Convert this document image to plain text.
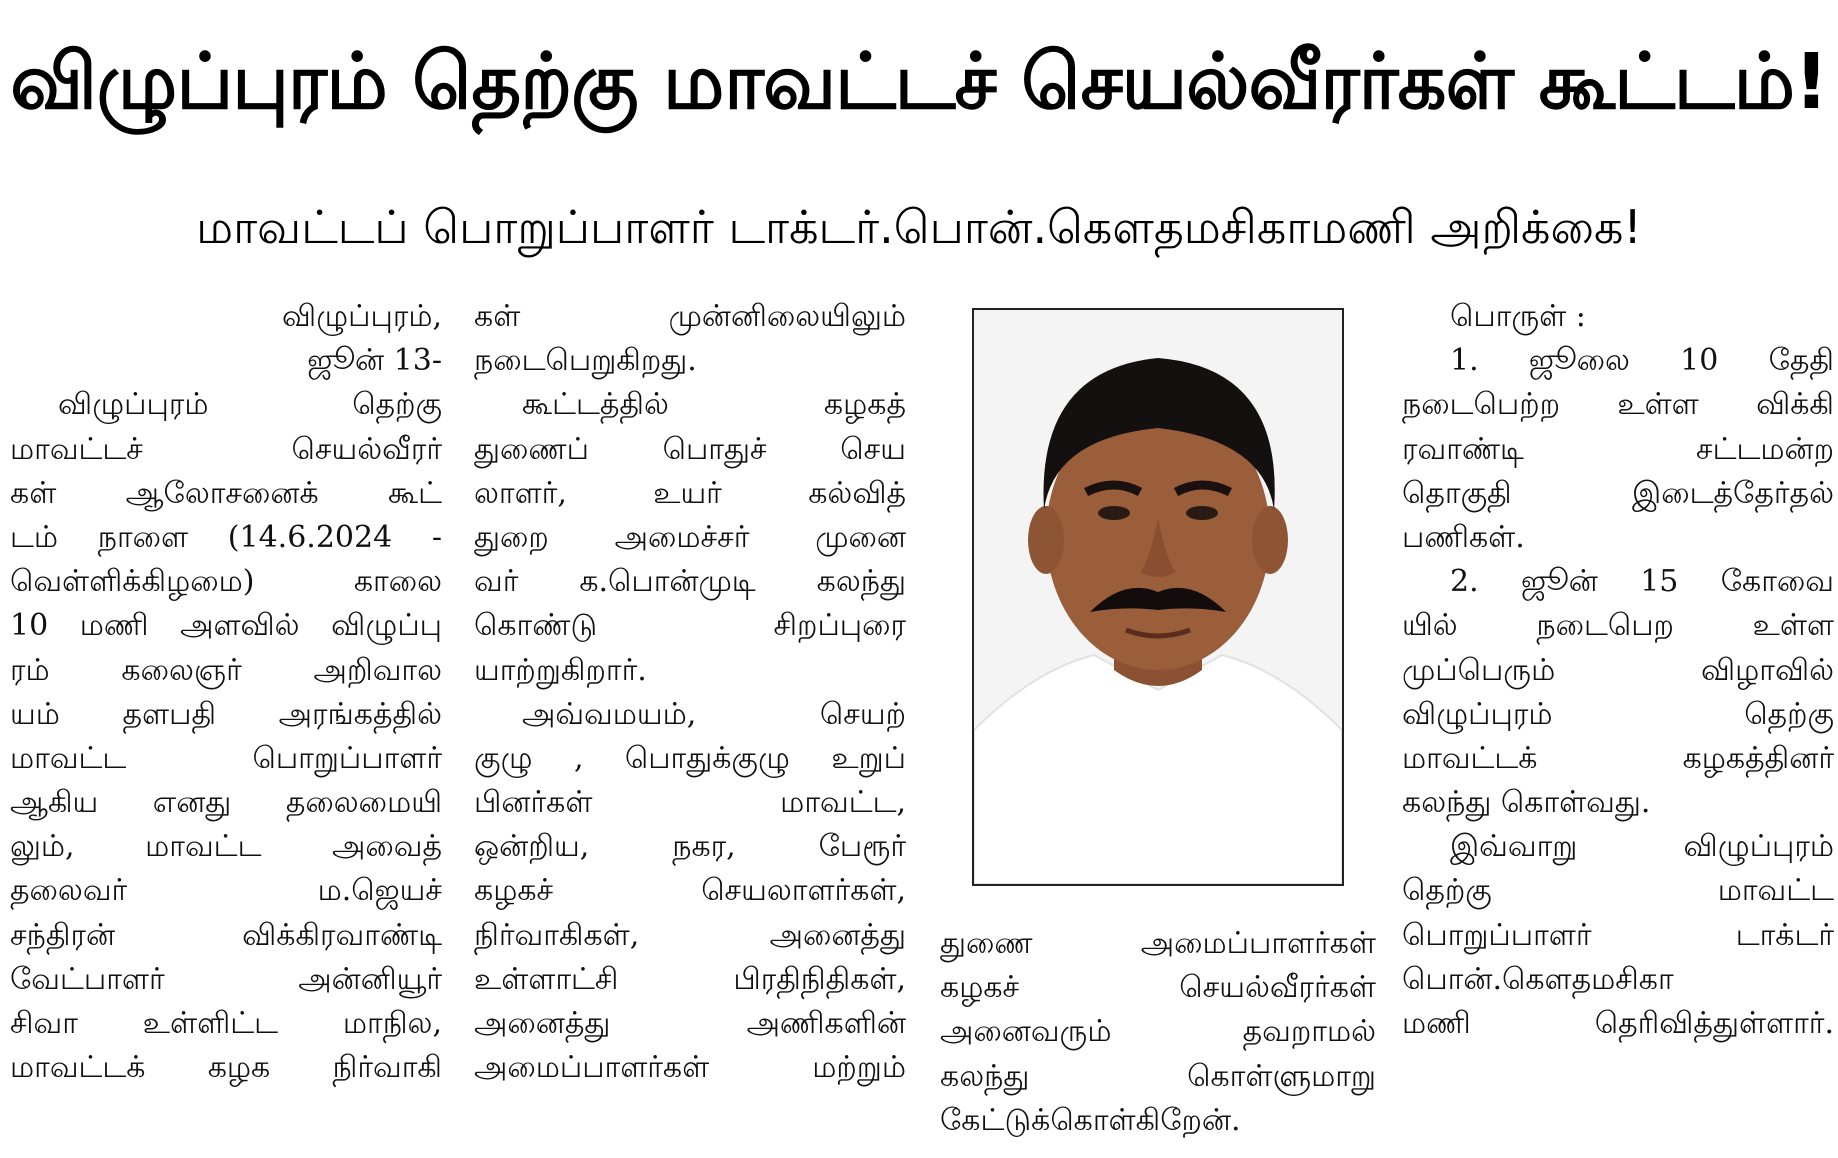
விழுப்புரம் தெற்கு மாவட்டச் செயல்வீரர்கள் கூட்டம்!
மாவட்டப் பொறுப்பாளர் டாக்டர்.பொன்.கௌதமசிகாமணி அறிக்கை!
விழுப்புரம்,
ஜூன் 13-
விழுப்புரம் தெற்கு
மாவட்டச் செயல்வீரர்
கள் ஆலோசனைக் கூட்
டம் நாளை (14.6.2024 -
வெள்ளிக்கிழமை) காலை
10 மணி அளவில் விழுப்பு
ரம் கலைஞர் அறிவால
யம் தளபதி அரங்கத்தில்
மாவட்ட பொறுப்பாளர்
ஆகிய எனது தலைமையி
லும், மாவட்ட அவைத்
தலைவர் ம.ஜெயச்
சந்திரன் விக்கிரவாண்டி
வேட்பாளர் அன்னியூர்
சிவா உள்ளிட்ட மாநில,
மாவட்டக் கழக நிர்வாகி
கள் முன்னிலையிலும்
நடைபெறுகிறது.
கூட்டத்தில் கழகத்
துணைப் பொதுச் செய
லாளர், உயர் கல்வித்
துறை அமைச்சர் முனை
வர் க.பொன்முடி கலந்து
கொண்டு சிறப்புரை
யாற்றுகிறார்.
அவ்வமயம், செயற்
குழு , பொதுக்குழு உறுப்
பினர்கள் மாவட்ட,
ஒன்றிய, நகர, பேரூர்
கழகச் செயலாளர்கள்,
நிர்வாகிகள், அனைத்து
உள்ளாட்சி பிரதிநிதிகள்,
அனைத்து அணிகளின்
அமைப்பாளர்கள் மற்றும்
துணை அமைப்பாளர்கள்
கழகச் செயல்வீரர்கள்
அனைவரும் தவறாமல்
கலந்து கொள்ளுமாறு
கேட்டுக்கொள்கிறேன்.
பொருள் :
1. ஜூலை 10 தேதி
நடைபெற்ற உள்ள விக்கி
ரவாண்டி சட்டமன்ற
தொகுதி இடைத்தேர்தல்
பணிகள்.
2. ஜூன் 15 கோவை
யில் நடைபெற உள்ள
முப்பெரும் விழாவில்
விழுப்புரம் தெற்கு
மாவட்டக் கழகத்தினர்
கலந்து கொள்வது.
இவ்வாறு விழுப்புரம்
தெற்கு மாவட்ட
பொறுப்பாளர் டாக்டர்
பொன்.கௌதமசிகா
மணி தெரிவித்துள்ளார்.
